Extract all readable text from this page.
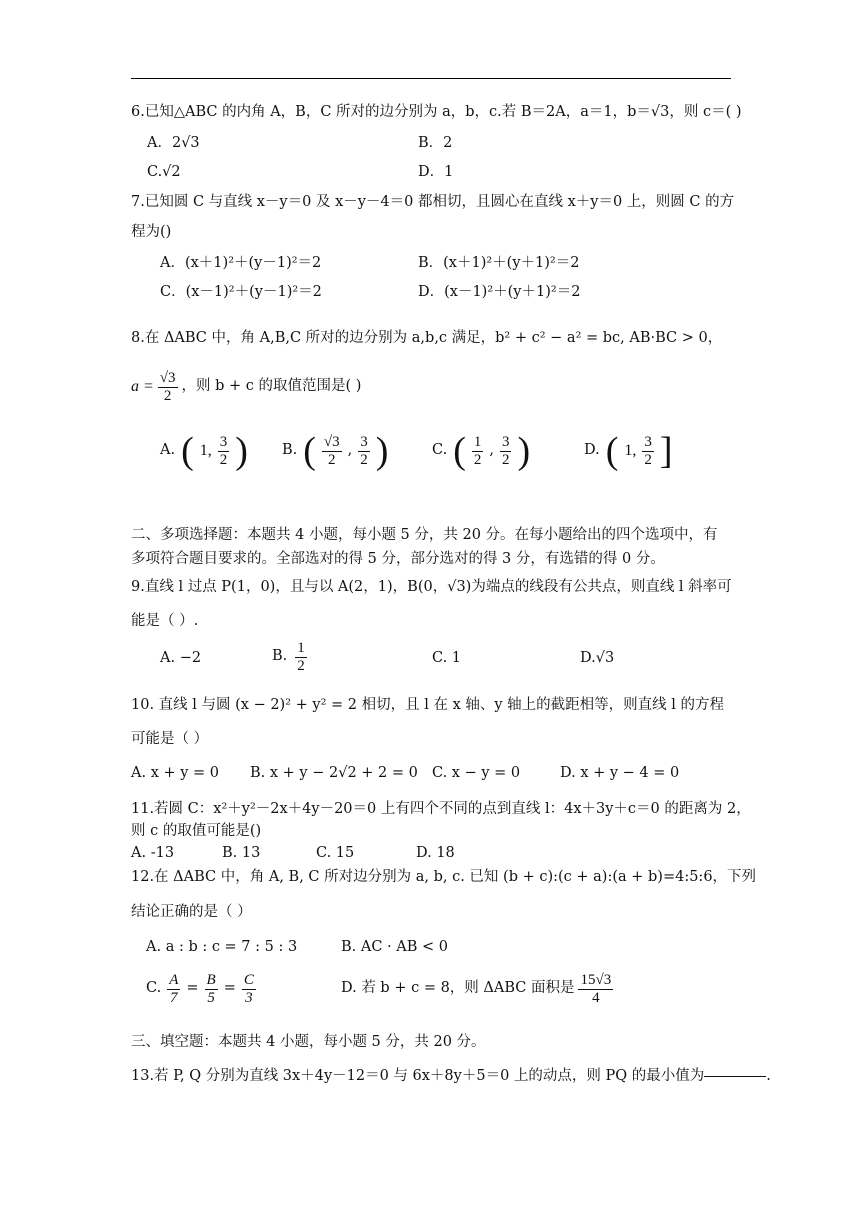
6.已知△ABC 的内角 A，B，C 所对的边分别为 a，b，c.若 B＝2A，a＝1，b＝√3，则 c＝( )
A．2√3	B．2
C.√2	D．1
7.已知圆 C 与直线 x－y＝0 及 x－y－4＝0 都相切，且圆心在直线 x＋y＝0 上，则圆 C 的方
程为()
A．(x＋1)²＋(y－1)²＝2	B．(x＋1)²＋(y＋1)²＝2
C．(x－1)²＋(y－1)²＝2	D．(x－1)²＋(y＋1)²＝2
8.在 ΔABC 中，角 A,B,C 所对的边分别为 a,b,c 满足，b² + c² − a² = bc, AB·BC > 0，
$a = \frac{√3}{2}$ ，则 b + c 的取值范围是( )
A. ( 1, $\frac{3}{2}$ ) B. ( $\frac{√3}{2}$ , $\frac{3}{2}$ )	C. ( $\frac{1}{2}$ , $\frac{3}{2}$ )	D. ( 1, $\frac{3}{2}$ ]
二、多项选择题：本题共 4 小题，每小题 5 分，共 20 分。在每小题给出的四个选项中，有
多项符合题目要求的。全部选对的得 5 分，部分选对的得 3 分，有选错的得 0 分。
9.直线 l 过点 P(1，0)，且与以 A(2，1)，B(0，√3)为端点的线段有公共点，则直线 l 斜率可
能是（ ）.
A. −2	B. $\frac{1}{2}$	C. 1	D.√3
10. 直线 l 与圆 (x − 2)² + y² = 2 相切，且 l 在 x 轴、y 轴上的截距相等，则直线 l 的方程
可能是（ ）
A. x + y = 0 B. x + y − 2√2 + 2 = 0 C. x − y = 0	D. x + y − 4 = 0
11.若圆 C：x²＋y²－2x＋4y－20＝0 上有四个不同的点到直线 l：4x＋3y＋c＝0 的距离为 2，
则 c 的取值可能是()
A. -13	B. 13	C. 15	D. 18
12.在 ΔABC 中，角 A, B, C 所对边分别为 a, b, c. 已知 (b + c):(c + a):(a + b)=4:5:6，下列
结论正确的是（ ）
A. a : b : c = 7 : 5 : 3	B. AC · AB < 0
C. $\frac{A}{7} = \frac{B}{5} = \frac{C}{3}$	D. 若 b + c = 8，则 ΔABC 面积是 $\frac{15√3}{4}$
三、填空题：本题共 4 小题，每小题 5 分，共 20 分。
13.若 P, Q 分别为直线 3x＋4y－12＝0 与 6x＋8y＋5＝0 上的动点，则 PQ 的最小值为	.
